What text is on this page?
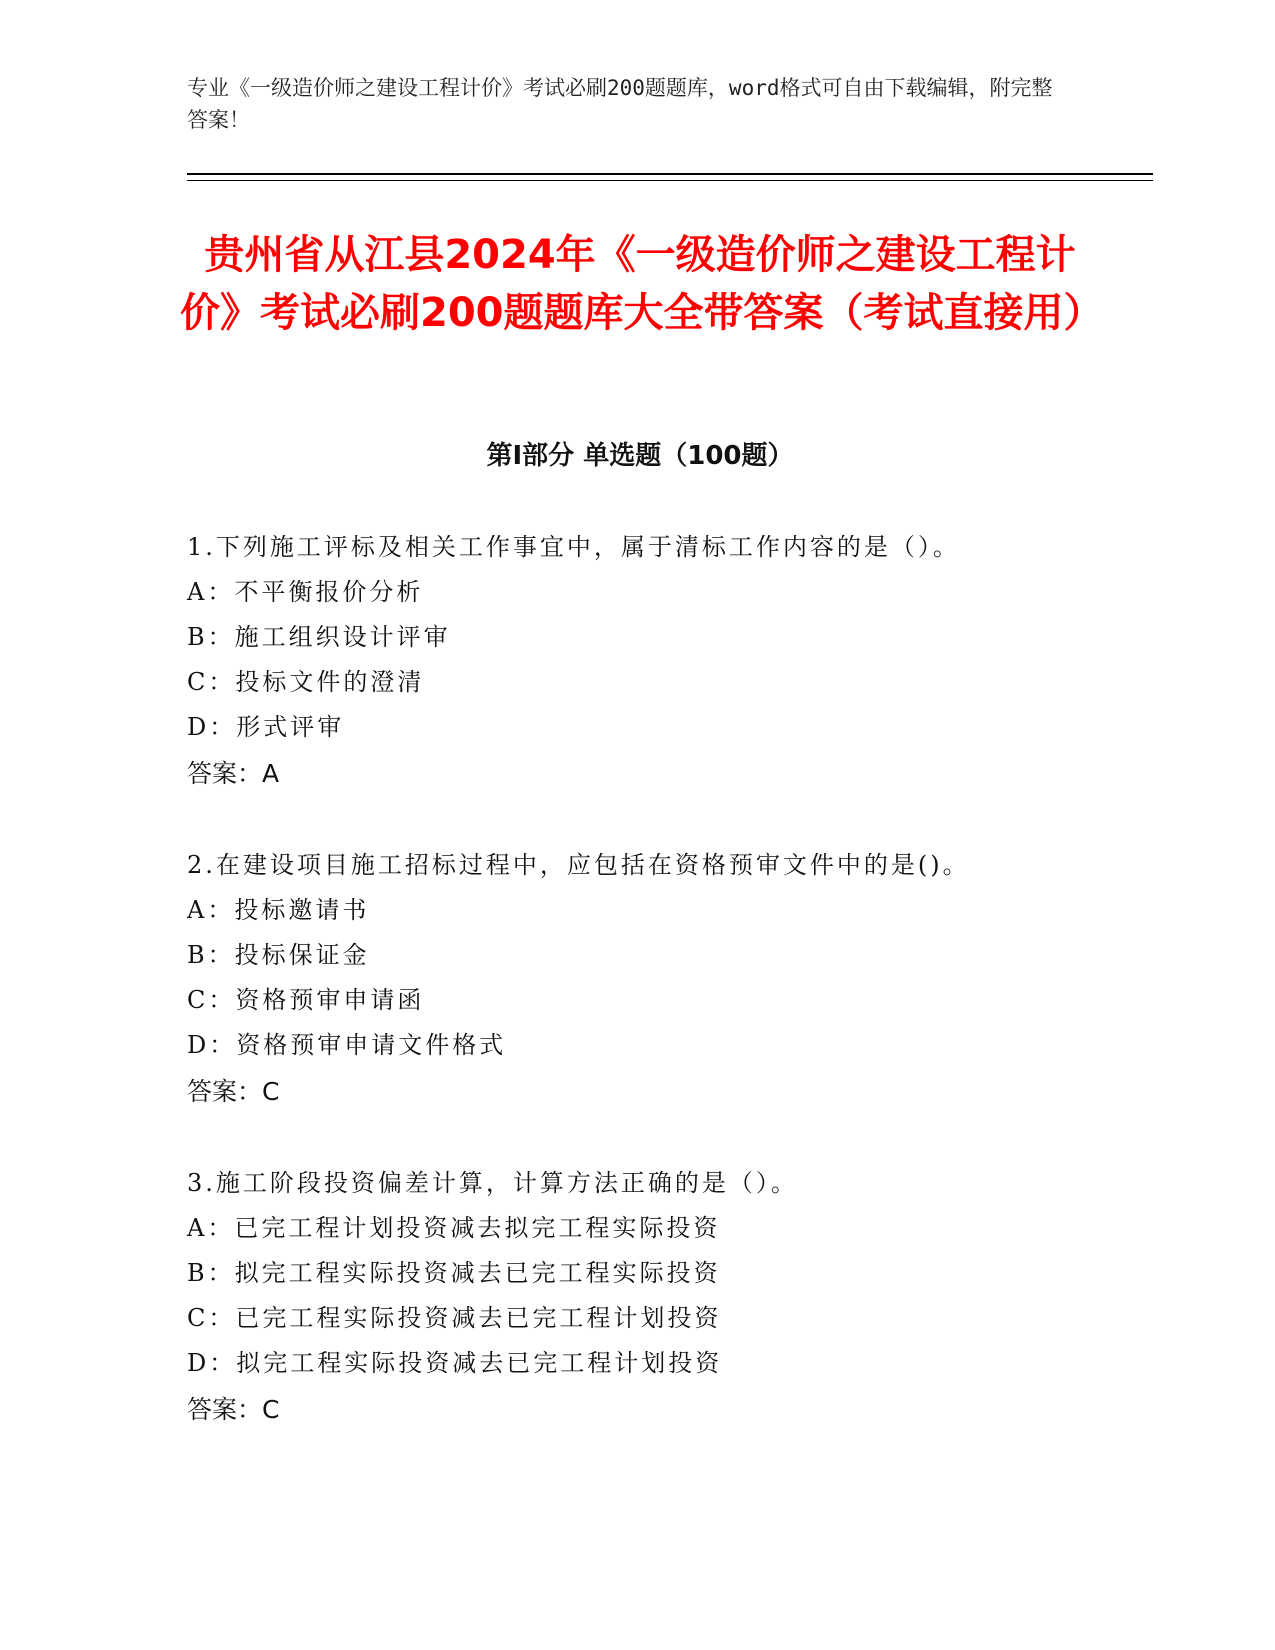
专业《一级造价师之建设工程计价》考试必刷200题题库，word格式可自由下载编辑，附完整答案！

贵州省从江县2024年《一级造价师之建设工程计价》考试必刷200题题库大全带答案（考试直接用）
第I部分 单选题（100题）

1.下列施工评标及相关工作事宜中，属于清标工作内容的是（）。

A：不平衡报价分析

B：施工组织设计评审

C：投标文件的澄清

D：形式评审

答案：A

2.在建设项目施工招标过程中，应包括在资格预审文件中的是()。

A：投标邀请书

B：投标保证金

C：资格预审申请函

D：资格预审申请文件格式

答案：C

3.施工阶段投资偏差计算，计算方法正确的是（）。

A：已完工程计划投资减去拟完工程实际投资

B：拟完工程实际投资减去已完工程实际投资

C：已完工程实际投资减去已完工程计划投资

D：拟完工程实际投资减去已完工程计划投资

答案：C
